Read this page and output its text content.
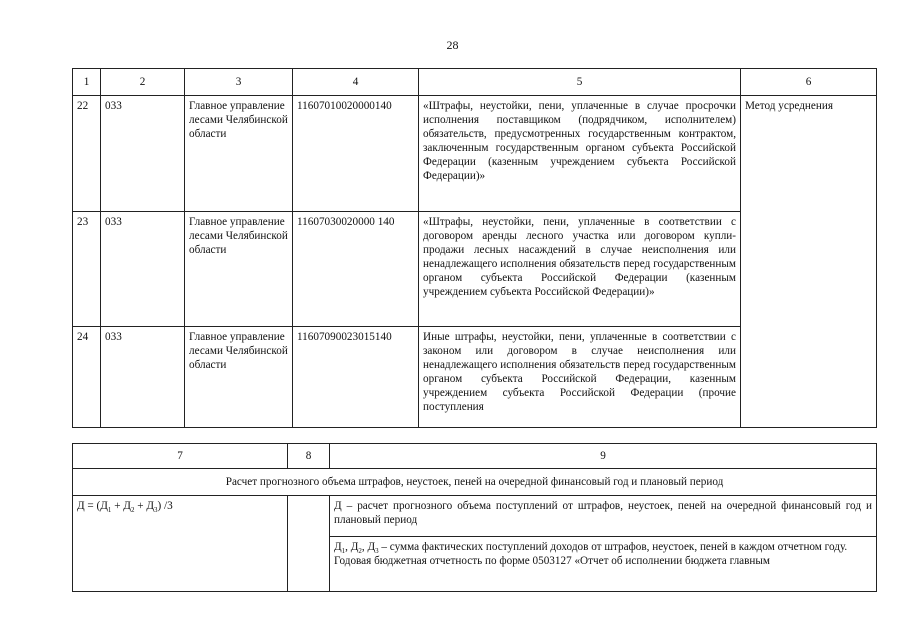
28
1	2	3	4	5	6
22	033	Главное управление лесами Челябинской области	11607010020000140	«Штрафы, неустойки, пени, уплаченные в случае просрочки исполнения поставщиком (подрядчиком, исполнителем) обязательств, предусмотренных государственным контрактом, заключенным государственным органом субъекта Российской Федерации (казенным учреждением субъекта Российской Федерации)»	Метод усреднения
23	033	Главное управление лесами Челябинской области	11607030020000 140	«Штрафы, неустойки, пени, уплаченные в соответствии с договором аренды лесного участка или договором купли-продажи лесных насаждений в случае неисполнения или ненадлежащего исполнения обязательств перед государственным органом субъекта Российской Федерации (казенным учреждением субъекта Российской Федерации)»	
24	033	Главное управление лесами Челябинской области	11607090023015140	Иные штрафы, неустойки, пени, уплаченные в соответствии с законом или договором в случае неисполнения или ненадлежащего исполнения обязательств перед государственным органом субъекта Российской Федерации, казенным учреждением субъекта Российской Федерации (прочие поступления	
7	8	9
Расчет прогнозного объема штрафов, неустоек, пеней на очередной финансовый год и плановый период		
$Д = (Д_1 + Д_2 + Д_3)$ /3		Д – расчет прогнозного объема поступлений от штрафов, неустоек, пеней на очередной финансовый год и плановый период
$Д_1$, $Д_2$, $Д_3$ – сумма фактических поступлений доходов от штрафов, неустоек, пеней в каждом отчетном году.
Годовая бюджетная отчетность по форме 0503127 «Отчет об исполнении бюджета главным
